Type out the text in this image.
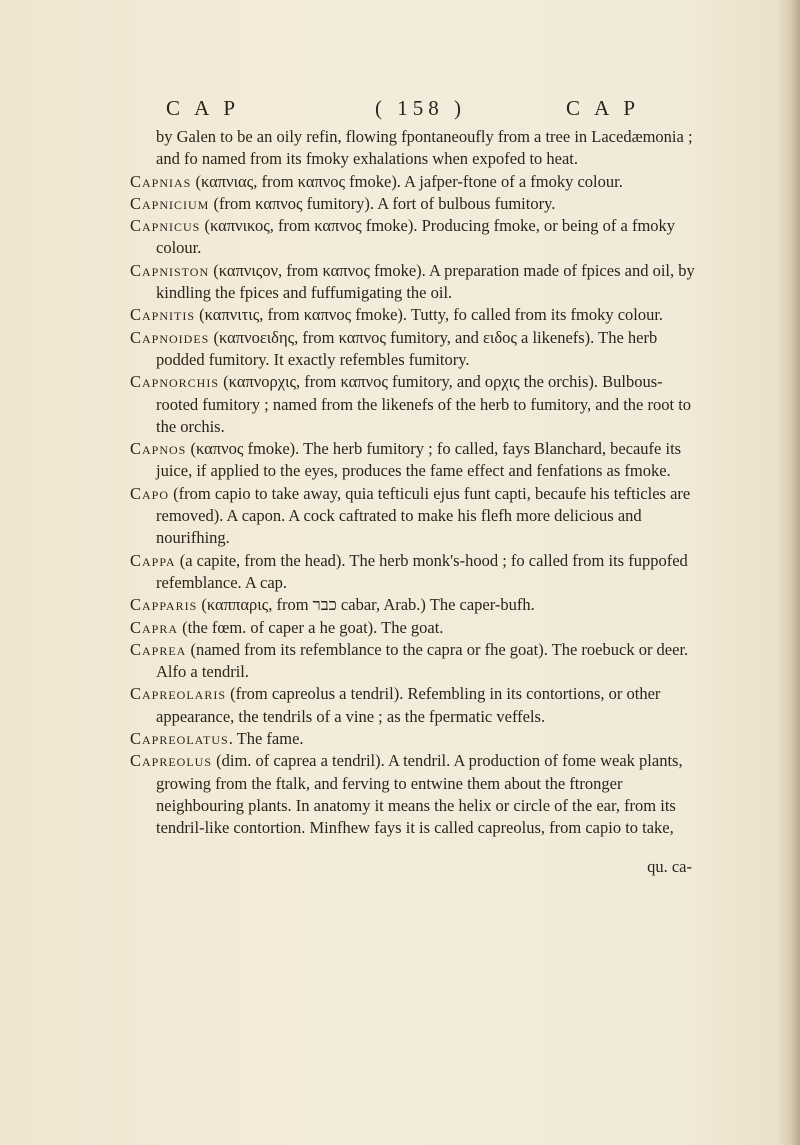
C A P	( 158 )	C A P

by Galen to be an oily refin, flowing fpontaneoufly from a tree in Lacedæmonia ; and fo named from its fmoky exhalations when expofed to heat.

Capnias (καπνιας, from καπνος fmoke). A jafper-ftone of a fmoky colour.

Capnicium (from καπνος fumitory). A fort of bulbous fumitory.

Capnicus (καπνικος, from καπνος fmoke). Producing fmoke, or being of a fmoky colour.

Capniston (καπνιςον, from καπνος fmoke). A preparation made of fpices and oil, by kindling the fpices and fuffumigating the oil.

Capnitis (καπνιτις, from καπνος fmoke). Tutty, fo called from its fmoky colour.

Capnoides (καπνοειδης, from καπνος fumitory, and ειδος a likenefs). The herb podded fumitory. It exactly refembles fumitory.

Capnorchis (καπνορχις, from καπνος fumitory, and ορχις the orchis). Bulbous-rooted fumitory ; named from the likenefs of the herb to fumitory, and the root to the orchis.

Capnos (καπνος fmoke). The herb fumitory ; fo called, fays Blanchard, becaufe its juice, if applied to the eyes, produces the fame effect and fenfations as fmoke.

Capo (from capio to take away, quia tefticuli ejus funt capti, becaufe his tefticles are removed). A capon. A cock caftrated to make his flefh more delicious and nourifhing.

Cappa (a capite, from the head). The herb monk's-hood ; fo called from its fuppofed refemblance. A cap.

Capparis (καππαρις, from כבר cabar, Arab.) The caper-bufh.

Capra (the fœm. of caper a he goat). The goat.

Caprea (named from its refemblance to the capra or fhe goat). The roebuck or deer. Alfo a tendril.

Capreolaris (from capreolus a tendril). Refembling in its contortions, or other appearance, the tendrils of a vine ; as the fpermatic veffels.

Capreolatus. The fame.

Capreolus (dim. of caprea a tendril). A tendril. A production of fome weak plants, growing from the ftalk, and ferving to entwine them about the ftronger neighbouring plants. In anatomy it means the helix or circle of the ear, from its tendril-like contortion. Minfhew fays it is called capreolus, from capio to take,

qu. ca-
